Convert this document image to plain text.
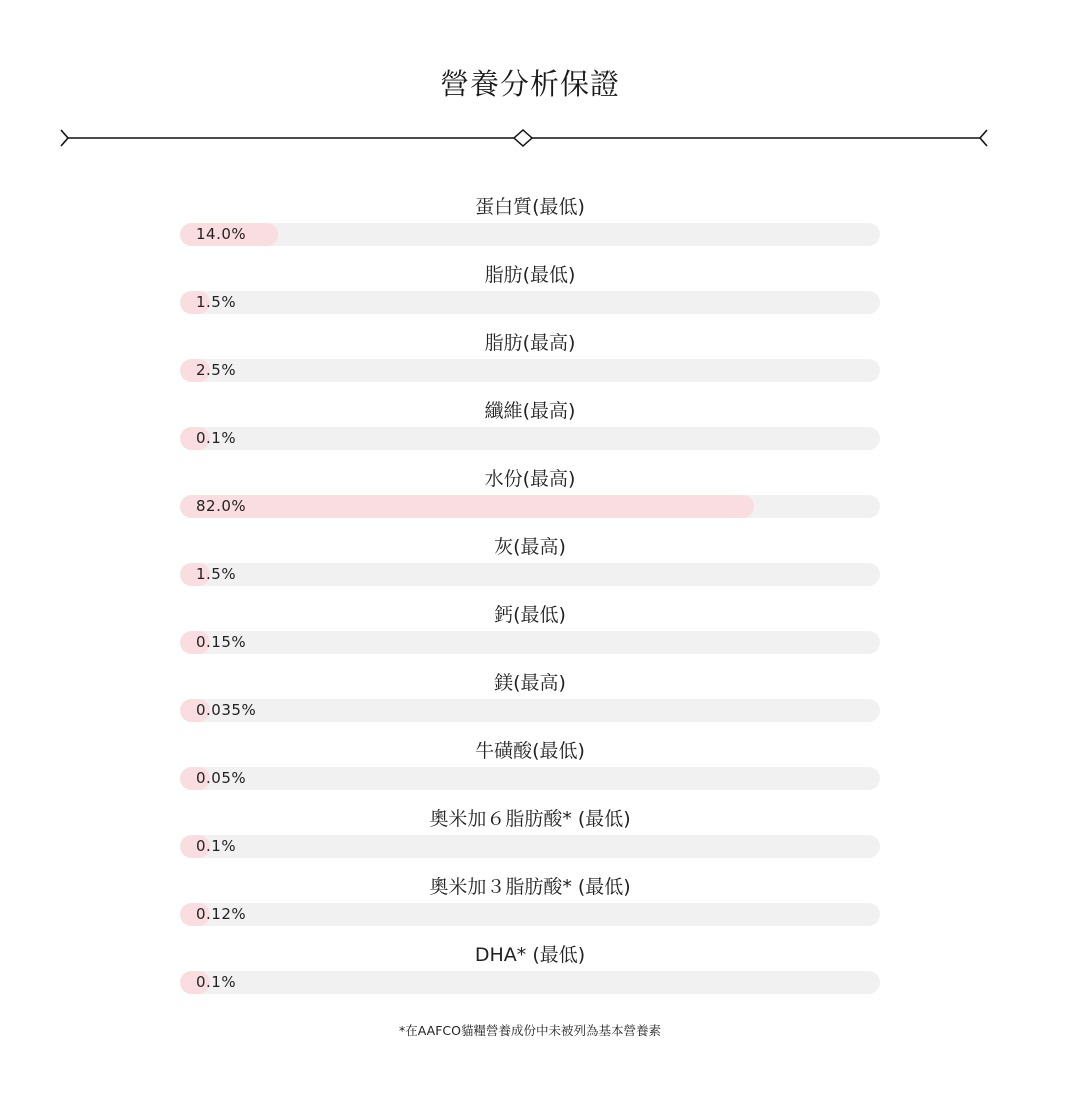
營養分析保證
蛋白質(最低)
14.0%
脂肪(最低)
1.5%
脂肪(最高)
2.5%
纖維(最高)
0.1%
水份(最高)
82.0%
灰(最高)
1.5%
鈣(最低)
0.15%
鎂(最高)
0.035%
牛磺酸(最低)
0.05%
奧米加６脂肪酸* (最低)
0.1%
奧米加３脂肪酸* (最低)
0.12%
DHA* (最低)
0.1%
*在AAFCO貓糧營養成份中未被列為基本營養素
